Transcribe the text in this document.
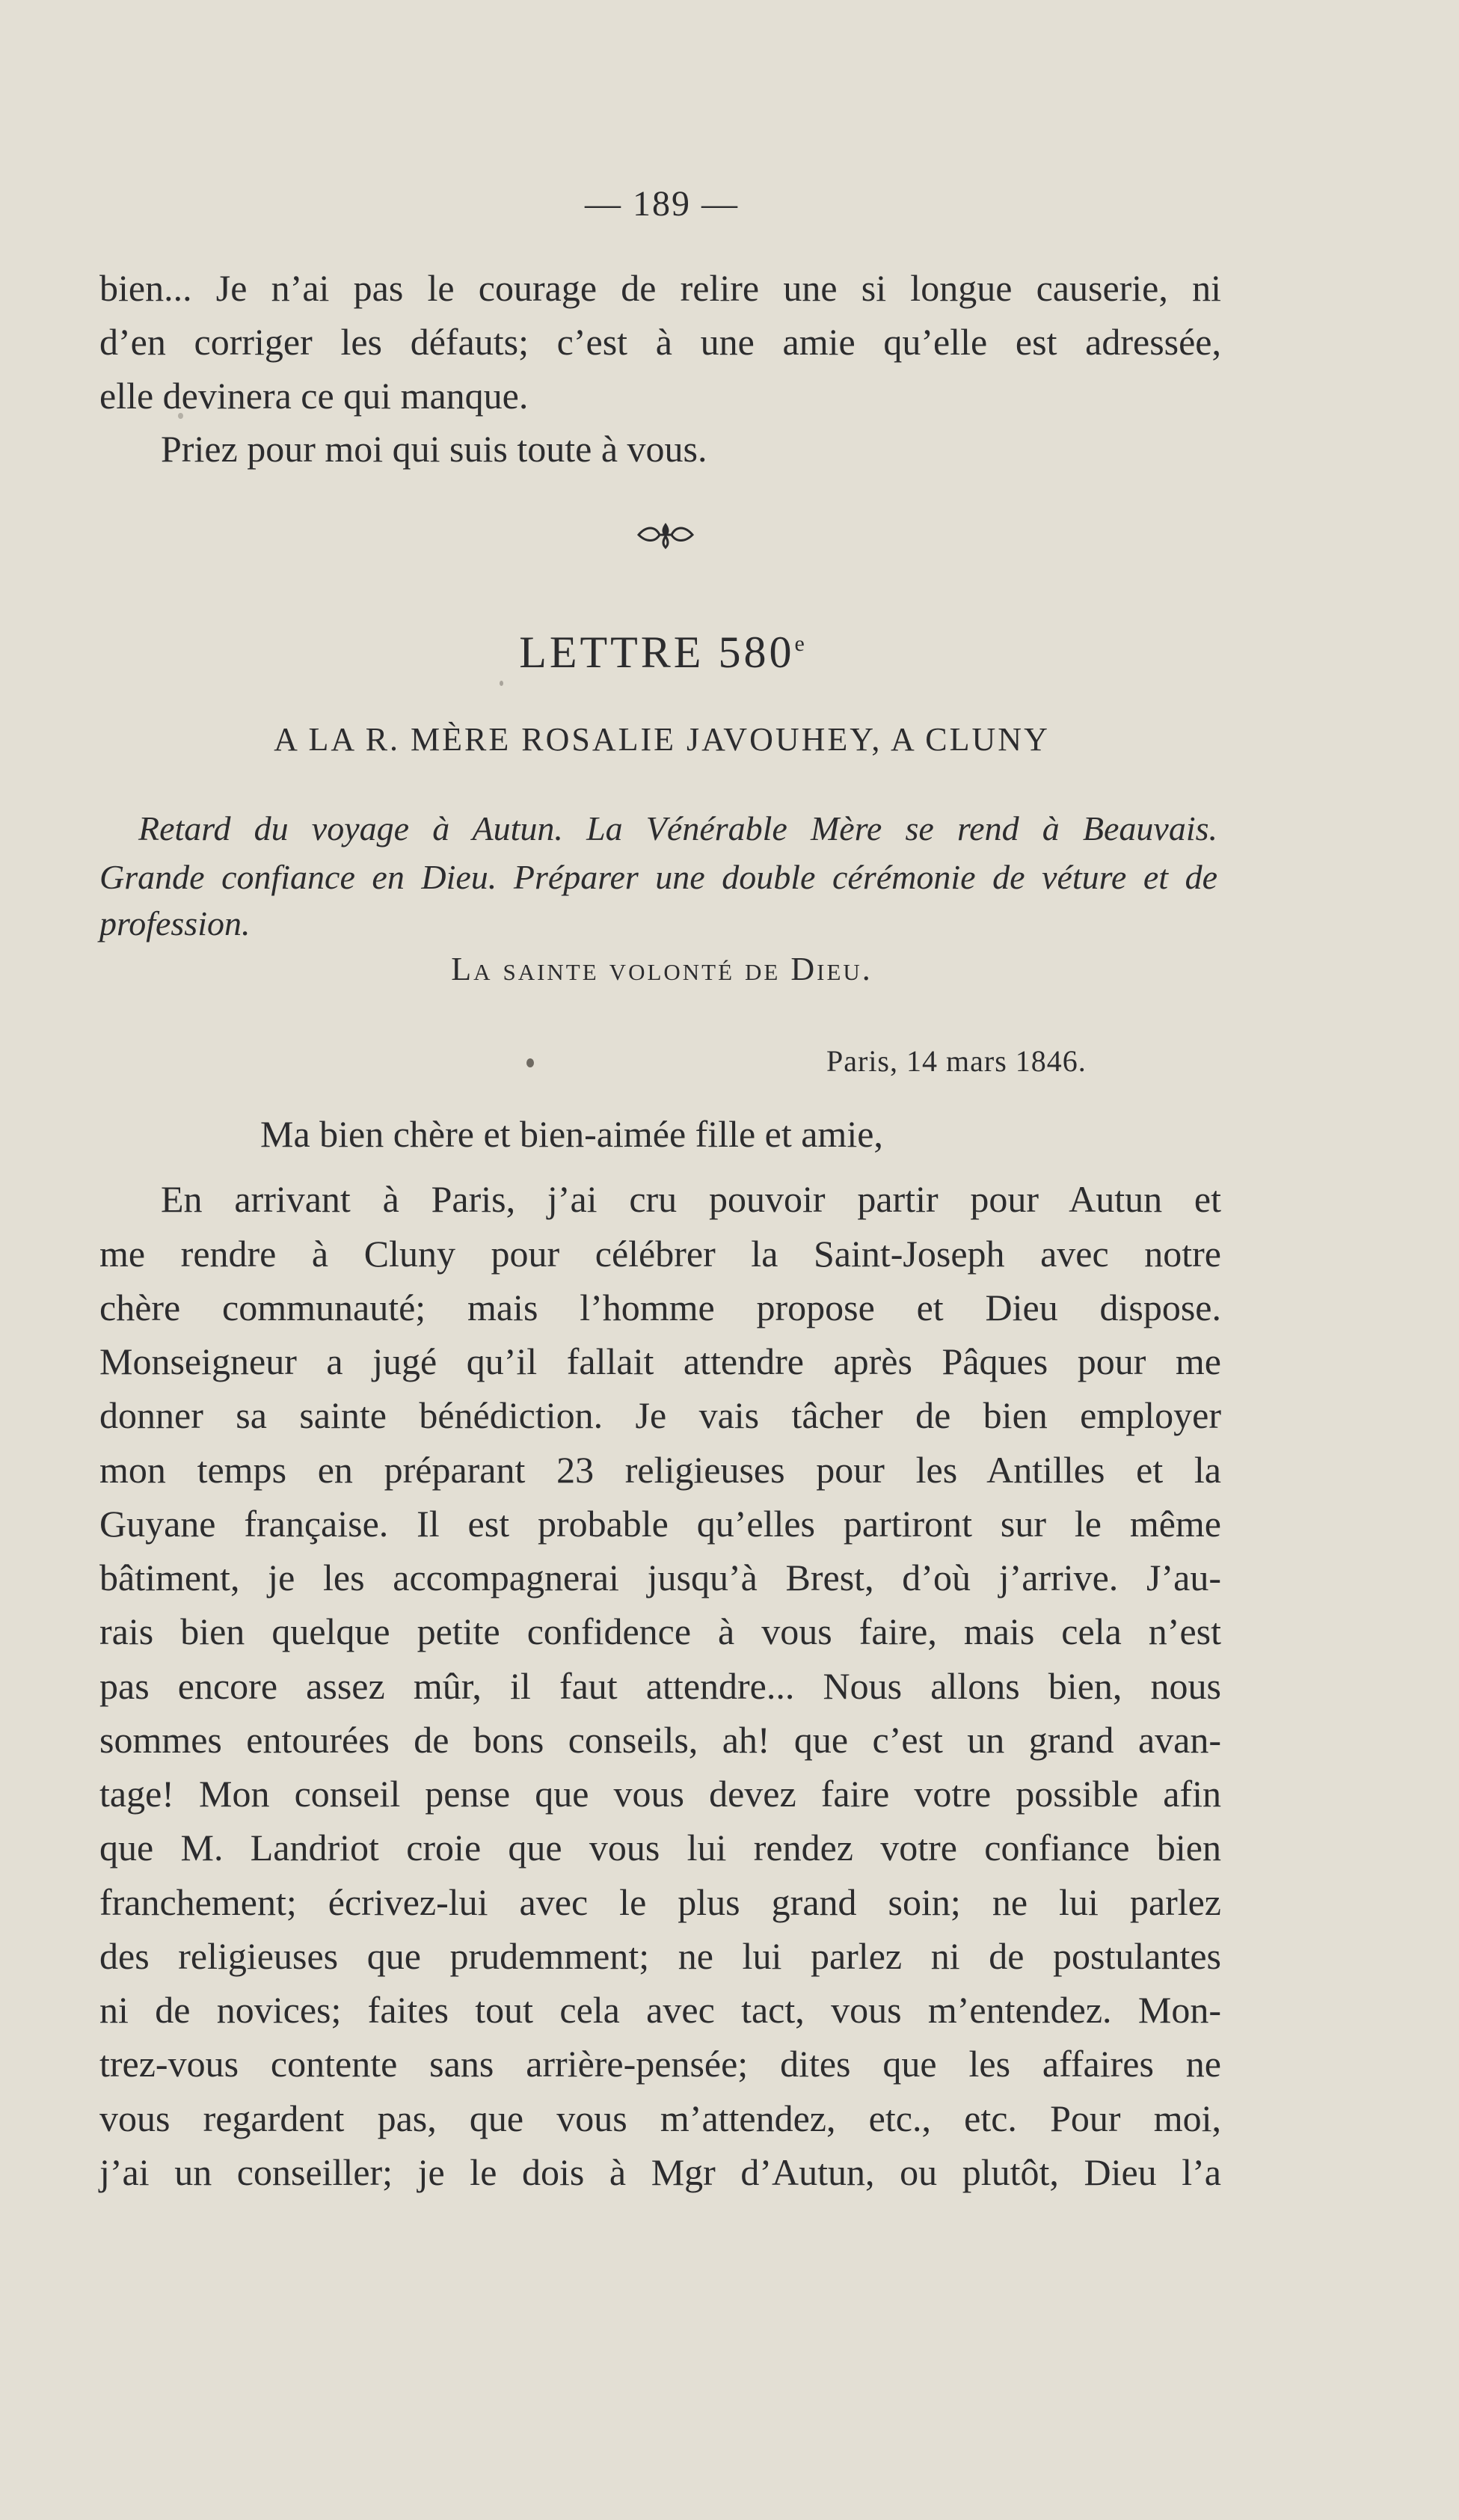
— 189 —
bien... Je n’ai pas le courage de relire une si longue causerie, ni
d’en corriger les défauts; c’est à une amie qu’elle est adressée,
elle devinera ce qui manque.
Priez pour moi qui suis toute à vous.
LETTRE 580e
A LA R. MÈRE ROSALIE JAVOUHEY, A CLUNY
Retard du voyage à Autun. La Vénérable Mère se rend à Beauvais.
Grande confiance en Dieu. Préparer une double cérémonie de véture et de
profession.
La sainte volonté de Dieu.
Paris, 14 mars 1846.
Ma bien chère et bien-aimée fille et amie,
En arrivant à Paris, j’ai cru pouvoir partir pour Autun et
me rendre à Cluny pour célébrer la Saint-Joseph avec notre
chère communauté; mais l’homme propose et Dieu dispose.
Monseigneur a jugé qu’il fallait attendre après Pâques pour me
donner sa sainte bénédiction. Je vais tâcher de bien employer
mon temps en préparant 23 religieuses pour les Antilles et la
Guyane française. Il est probable qu’elles partiront sur le même
bâtiment, je les accompagnerai jusqu’à Brest, d’où j’arrive. J’au-
rais bien quelque petite confidence à vous faire, mais cela n’est
pas encore assez mûr, il faut attendre... Nous allons bien, nous
sommes entourées de bons conseils, ah! que c’est un grand avan-
tage! Mon conseil pense que vous devez faire votre possible afin
que M. Landriot croie que vous lui rendez votre confiance bien
franchement; écrivez-lui avec le plus grand soin; ne lui parlez
des religieuses que prudemment; ne lui parlez ni de postulantes
ni de novices; faites tout cela avec tact, vous m’entendez. Mon-
trez-vous contente sans arrière-pensée; dites que les affaires ne
vous regardent pas, que vous m’attendez, etc., etc. Pour moi,
j’ai un conseiller; je le dois à Mgr d’Autun, ou plutôt, Dieu l’a
